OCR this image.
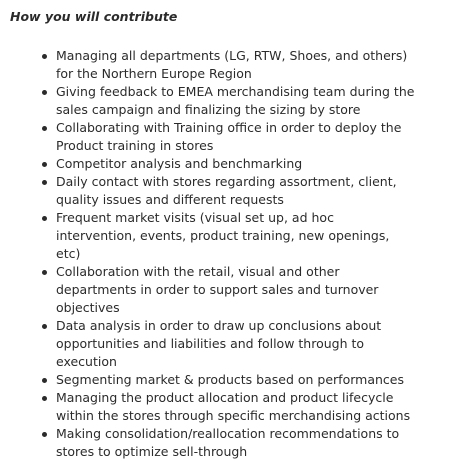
How you will contribute

Managing all departments (LG, RTW, Shoes, and others) for the Northern Europe Region
Giving feedback to EMEA merchandising team during the sales campaign and finalizing the sizing by store
Collaborating with Training office in order to deploy the Product training in stores
Competitor analysis and benchmarking
Daily contact with stores regarding assortment, client, quality issues and different requests
Frequent market visits (visual set up, ad hoc intervention, events, product training, new openings, etc)
Collaboration with the retail, visual and other departments in order to support sales and turnover objectives
Data analysis in order to draw up conclusions about opportunities and liabilities and follow through to execution
Segmenting market & products based on performances
Managing the product allocation and product lifecycle within the stores through specific merchandising actions
Making consolidation/reallocation recommendations to stores to optimize sell-through
